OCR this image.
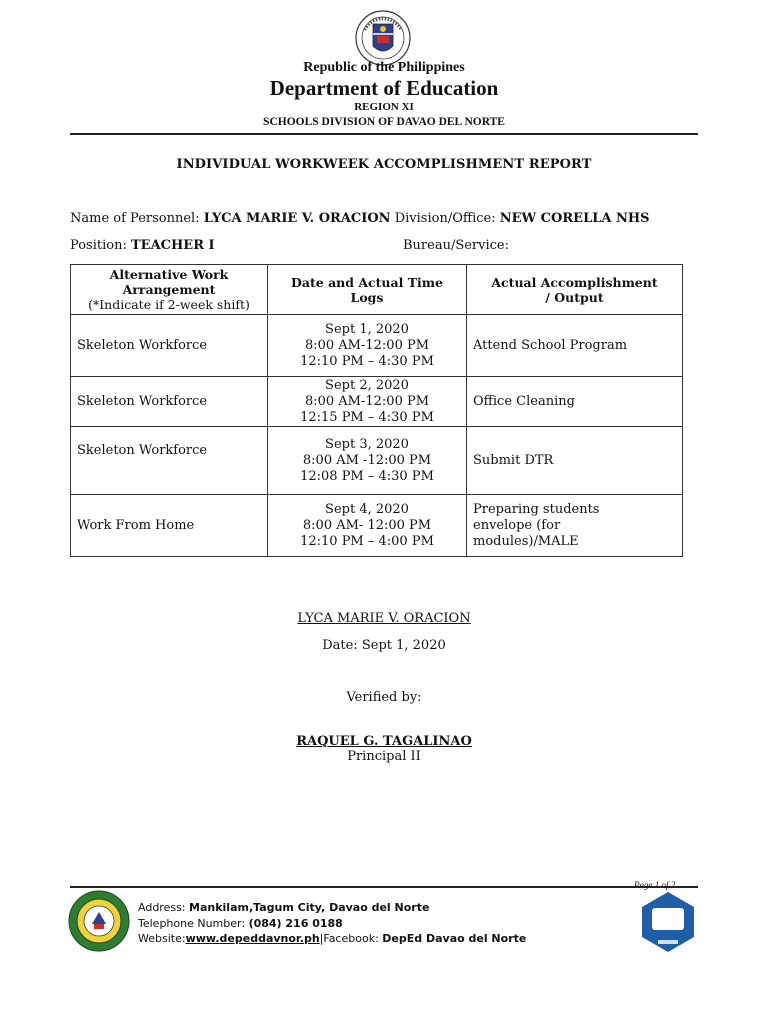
Republic of the Philippines
Department of Education
REGION XI
SCHOOLS DIVISION OF DAVAO DEL NORTE
INDIVIDUAL WORKWEEK ACCOMPLISHMENT REPORT
Name of Personnel: LYCA MARIE V. ORACION Division/Office: NEW CORELLA NHS
Position: TEACHER I	Bureau/Service:
Alternative Work Arrangement
(*Indicate if 2-week shift)	Date and Actual Time Logs	Actual Accomplishment / Output
Skeleton Workforce	Sept 1, 2020
8:00 AM-12:00 PM
12:10 PM – 4:30 PM	Attend School Program
Skeleton Workforce	Sept 2, 2020
8:00 AM-12:00 PM
12:15 PM – 4:30 PM	Office Cleaning
Skeleton Workforce	Sept 3, 2020
8:00 AM -12:00 PM
12:08 PM – 4:30 PM	Submit DTR
Work From Home	Sept 4, 2020
8:00 AM- 12:00 PM
12:10 PM – 4:00 PM	Preparing students envelope (for modules)/MALE
LYCA MARIE V. ORACION
Date: Sept 1, 2020
Verified by:
RAQUEL G. TAGALINAO
Principal II
Page 1 of 2
Address: Mankilam,Tagum City, Davao del Norte
Telephone Number: (084) 216 0188
Website:www.depeddavnor.ph|Facebook: DepEd Davao del Norte
